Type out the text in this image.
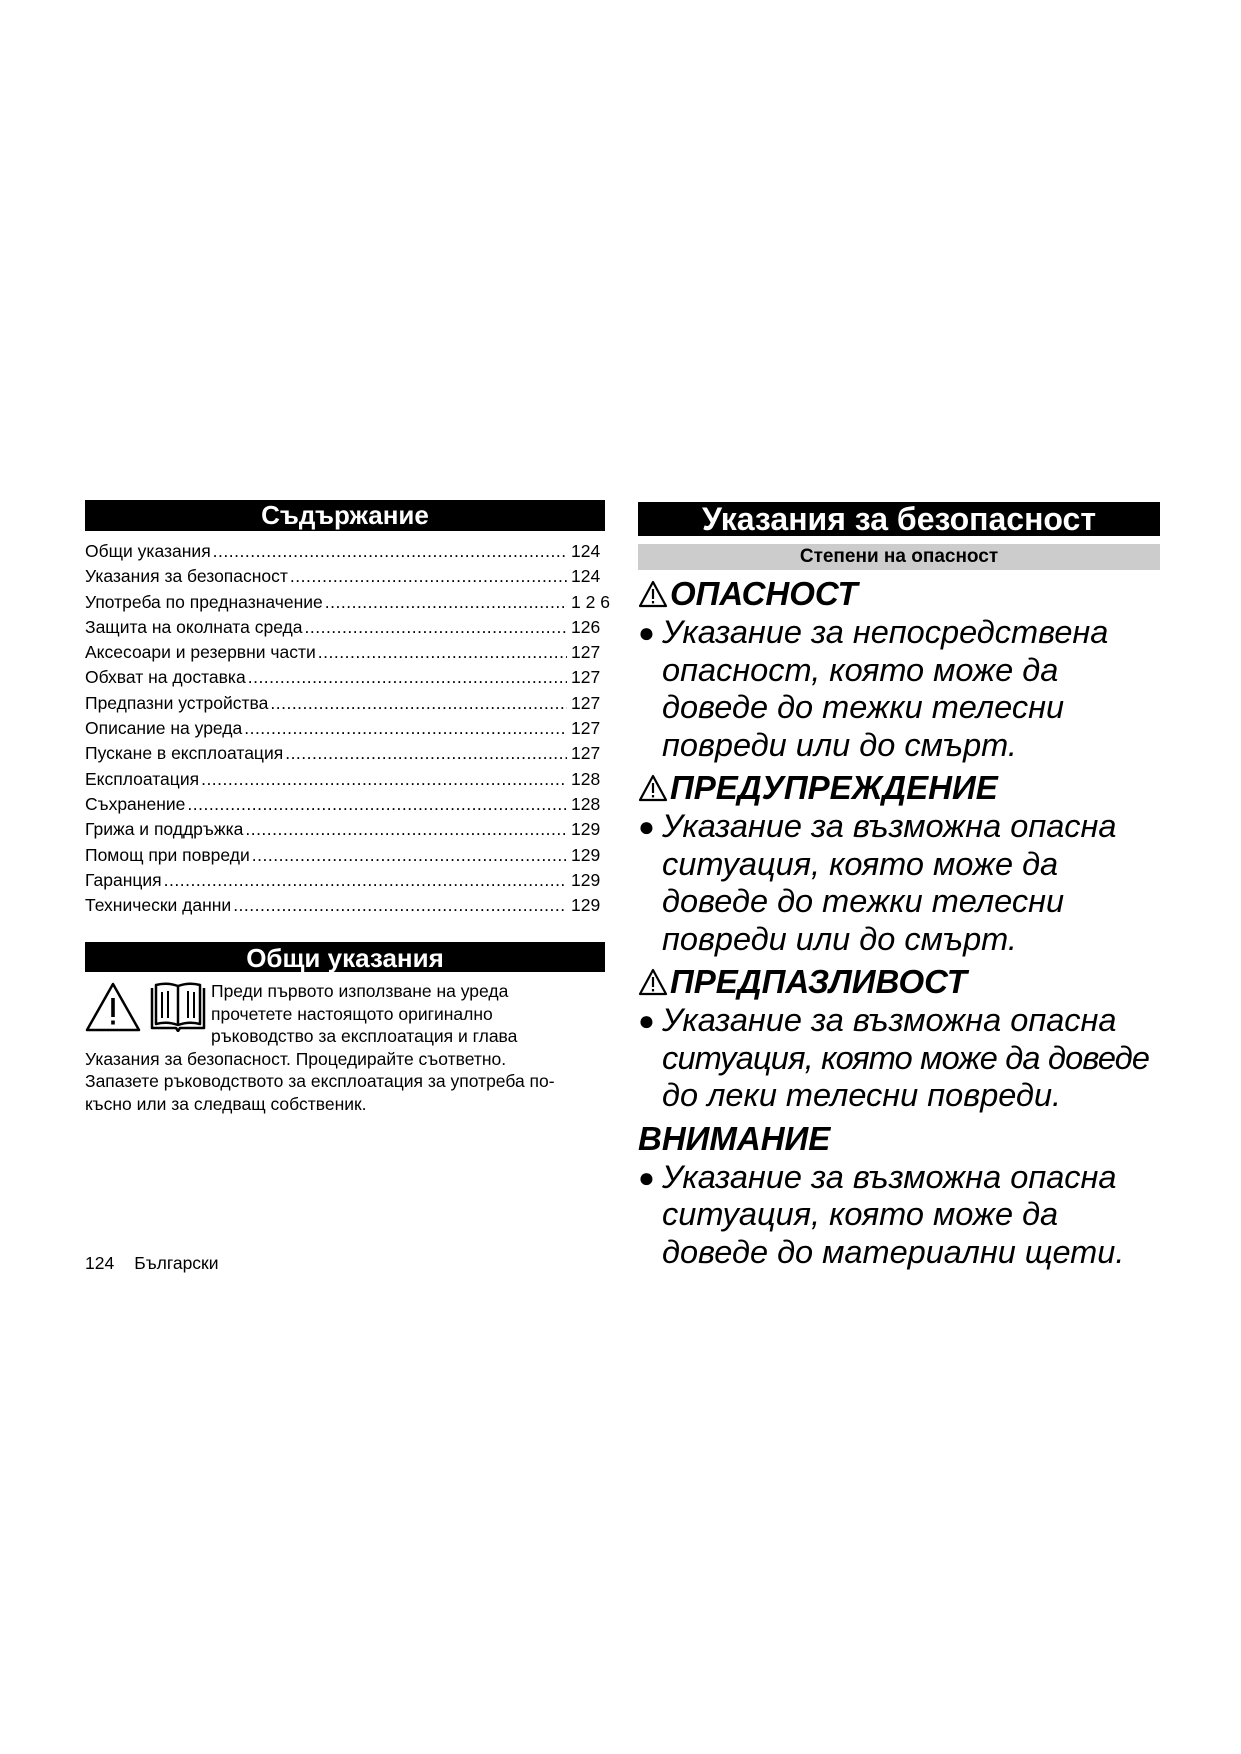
Съдържание
Общи указания .....	124
Указания за безопасност .....	124
Употреба по предназначение .....	1 2 6
Защита на околната среда .....	126
Аксесоари и резервни части .....	127
Обхват на доставка .....	127
Предпазни устройства .....	127
Описание на уреда .....	127
Пускане в експлоатация .....	127
Експлоатация .....	128
Съхранение .....	128
Грижа и поддръжка .....	129
Помощ при повреди .....	129
Гаранция .....	129
Технически данни .....	129
Общи указания
Преди първото използване на уреда
прочетете настоящото оригинално
ръководство за експлоатация и глава
Указания за безопасност. Процедирайте съответно.
Запазете ръководството за експлоатация за употреба по-
късно или за следващ собственик.
Указания за безопасност
Степени на опасност
ОПАСНОСТ
● Указание за непосредствена
опасност, която може да
доведе до тежки телесни
повреди или до смърт.
ПРЕДУПРЕЖДЕНИЕ
● Указание за възможна опасна
ситуация, която може да
доведе до тежки телесни
повреди или до смърт.
ПРЕДПАЗЛИВОСТ
● Указание за възможна опасна
ситуация, която може да доведе
до леки телесни повреди.
ВНИМАНИЕ
● Указание за възможна опасна
ситуация, която може да
доведе до материални щети.
124 Български
